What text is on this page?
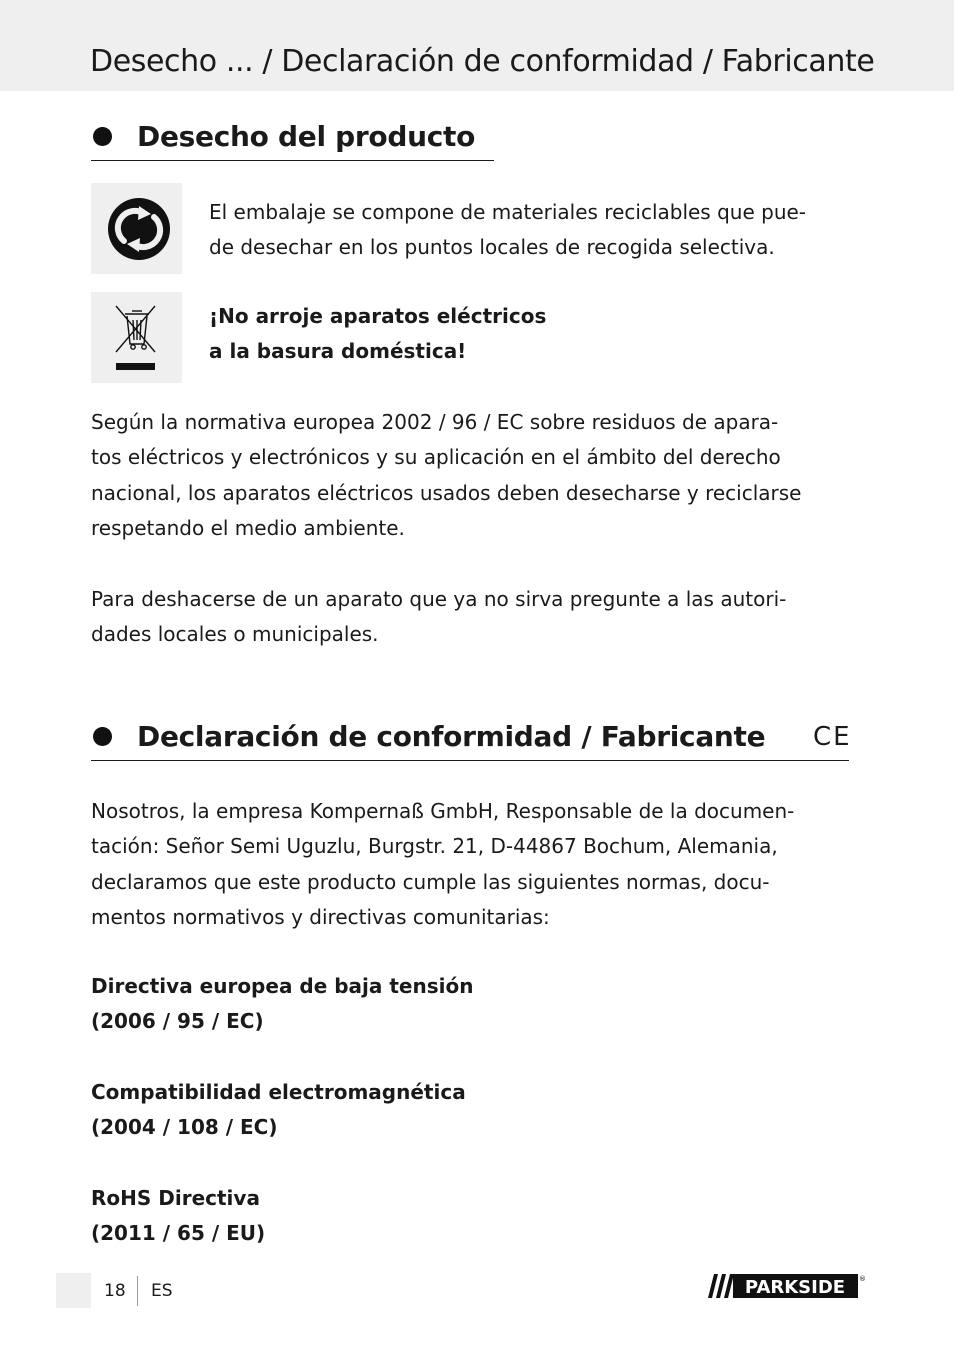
Desecho ... / Declaración de conformidad / Fabricante
Desecho del producto

El embalaje se compone de materiales reciclables que pue-
de desechar en los puntos locales de recogida selectiva.

¡No arroje aparatos eléctricos
a la basura doméstica!

Según la normativa europea 2002 / 96 / EC sobre residuos de apara-
tos eléctricos y electrónicos y su aplicación en el ámbito del derecho
nacional, los aparatos eléctricos usados deben desecharse y reciclarse
respetando el medio ambiente.

Para deshacerse de un aparato que ya no sirva pregunte a las autori-
dades locales o municipales.

Declaración de conformidad / Fabricante CE

Nosotros, la empresa Kompernaß GmbH, Responsable de la documen-
tación: Señor Semi Uguzlu, Burgstr. 21, D-44867 Bochum, Alemania,
declaramos que este producto cumple las siguientes normas, docu-
mentos normativos y directivas comunitarias:

Directiva europea de baja tensión
(2006 / 95 / EC)

Compatibilidad electromagnética
(2004 / 108 / EC)

RoHS Directiva
(2011 / 65 / EU)

18 ES	PARKSIDE ®
